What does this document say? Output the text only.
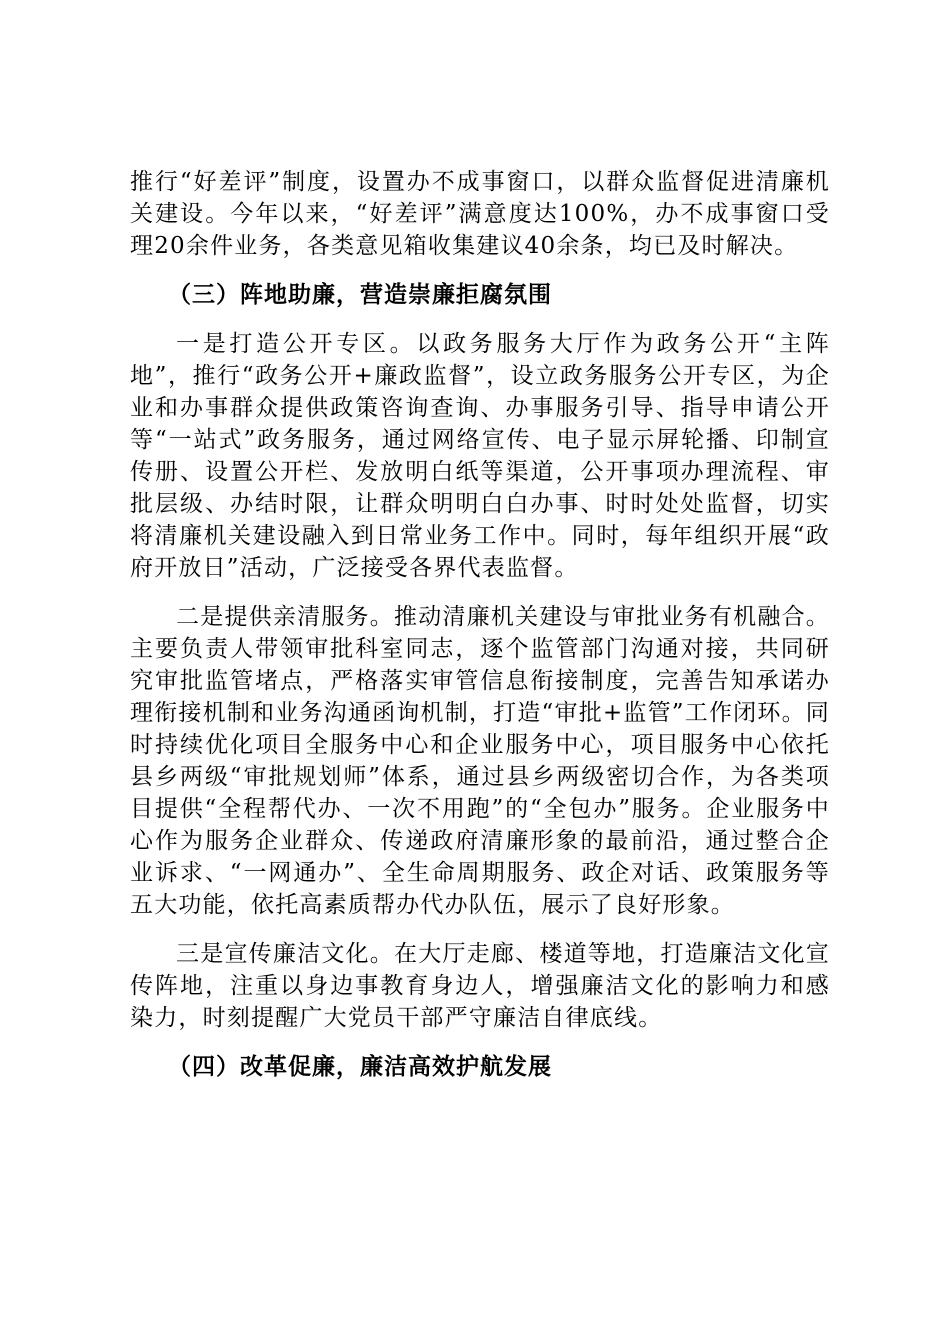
推行“好差评”制度，设置办不成事窗口，以群众监督促进清廉机关建设。今年以来，“好差评”满意度达100%，办不成事窗口受理20余件业务，各类意见箱收集建议40余条，均已及时解决。

（三）阵地助廉，营造崇廉拒腐氛围

一是打造公开专区。以政务服务大厅作为政务公开“主阵地”，推行“政务公开+廉政监督”，设立政务服务公开专区，为企业和办事群众提供政策咨询查询、办事服务引导、指导申请公开等“一站式”政务服务，通过网络宣传、电子显示屏轮播、印制宣传册、设置公开栏、发放明白纸等渠道，公开事项办理流程、审批层级、办结时限，让群众明明白白办事、时时处处监督，切实将清廉机关建设融入到日常业务工作中。同时，每年组织开展“政府开放日”活动，广泛接受各界代表监督。

二是提供亲清服务。推动清廉机关建设与审批业务有机融合。主要负责人带领审批科室同志，逐个监管部门沟通对接，共同研究审批监管堵点，严格落实审管信息衔接制度，完善告知承诺办理衔接机制和业务沟通函询机制，打造“审批+监管”工作闭环。同时持续优化项目全服务中心和企业服务中心，项目服务中心依托县乡两级“审批规划师”体系，通过县乡两级密切合作，为各类项目提供“全程帮代办、一次不用跑”的“全包办”服务。企业服务中心作为服务企业群众、传递政府清廉形象的最前沿，通过整合企业诉求、“一网通办”、全生命周期服务、政企对话、政策服务等五大功能，依托高素质帮办代办队伍，展示了良好形象。

三是宣传廉洁文化。在大厅走廊、楼道等地，打造廉洁文化宣传阵地，注重以身边事教育身边人，增强廉洁文化的影响力和感染力，时刻提醒广大党员干部严守廉洁自律底线。

（四）改革促廉，廉洁高效护航发展
